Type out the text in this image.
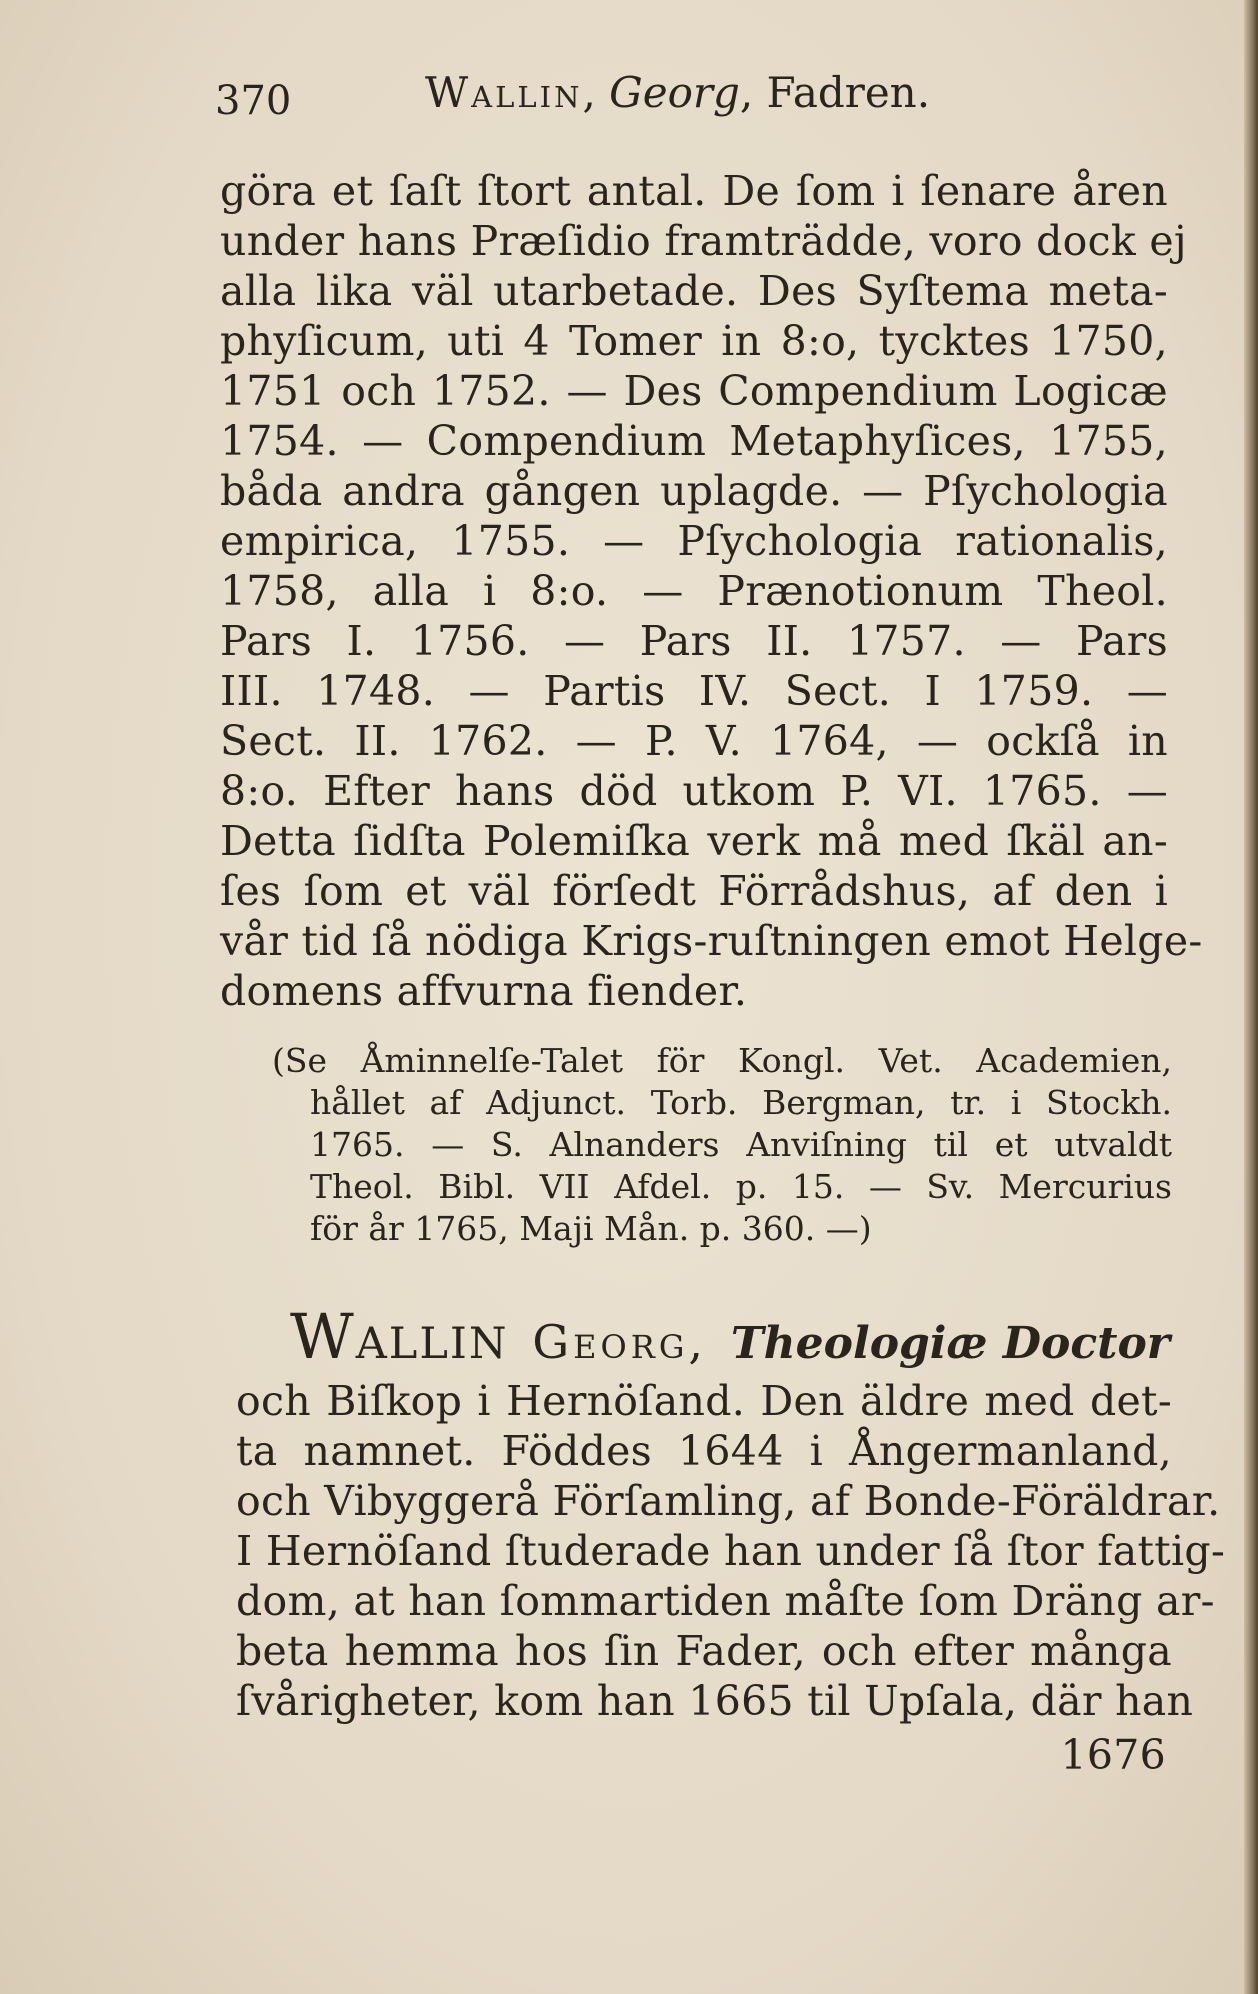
370	Wallin, Georg, Fadren.
göra et ſaſt ſtort antal. De ſom i ſenare åren
under hans Præſidio framträdde, voro dock ej
alla lika väl utarbetade. Des Syſtema meta-
phyſicum, uti 4 Tomer in 8:o, tycktes 1750,
1751 och 1752. — Des Compendium Logicæ
1754. — Compendium Metaphyſices, 1755,
båda andra gången uplagde. — Pſychologia
empirica, 1755. — Pſychologia rationalis,
1758, alla i 8:o. — Prænotionum Theol.
Pars I. 1756. — Pars II. 1757. — Pars
III. 1748. — Partis IV. Sect. I 1759. —
Sect. II. 1762. — P. V. 1764, — ockſå in
8:o. Efter hans död utkom P. VI. 1765. —
Detta ſidſta Polemiſka verk må med ſkäl an-
ſes ſom et väl förſedt Förrådshus, af den i
vår tid ſå nödiga Krigs-ruſtningen emot Helge-
domens affvurna fiender.
(Se Åminnelſe-Talet för Kongl. Vet. Academien,
hållet af Adjunct. Torb. Bergman, tr. i Stockh.
1765. — S. Alnanders Anviſning til et utvaldt
Theol. Bibl. VII Afdel. p. 15. — Sv. Mercurius
för år 1765, Maji Mån. p. 360. —)
Wallin Georg, Theologiæ Doctor
och Biſkop i Hernöſand. Den äldre med det-
ta namnet. Föddes 1644 i Ångermanland,
och Vibyggerå Förſamling, af Bonde-Föräldrar.
I Hernöſand ſtuderade han under ſå ſtor fattig-
dom, at han ſommartiden måſte ſom Dräng ar-
beta hemma hos ſin Fader, och efter många
ſvårigheter, kom han 1665 til Upſala, där han
1676
